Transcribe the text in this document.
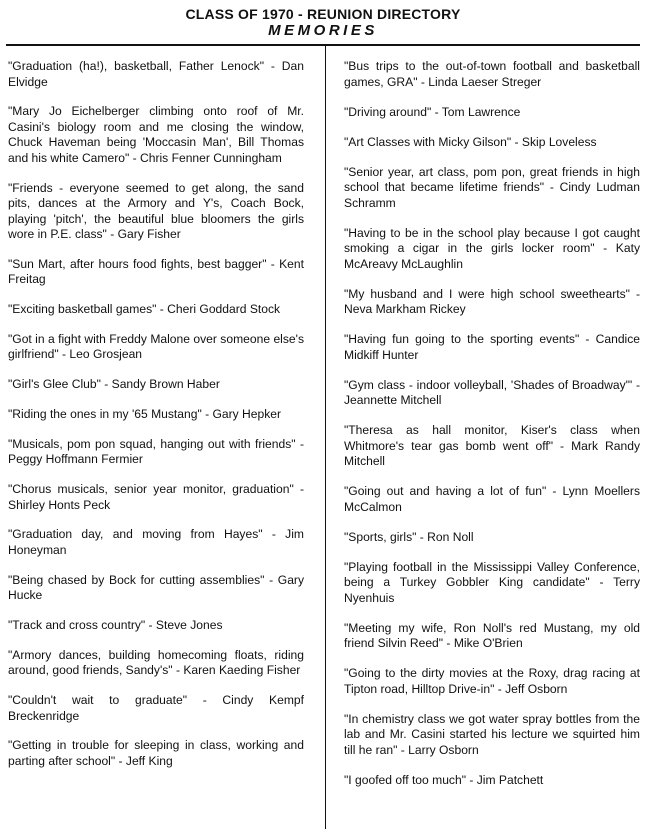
CLASS OF 1970 - REUNION DIRECTORY
MEMORIES

"Graduation (ha!), basketball, Father Lenock" - Dan Elvidge

"Mary Jo Eichelberger climbing onto roof of Mr. Casini's biology room and me closing the window, Chuck Haveman being 'Moccasin Man', Bill Thomas and his white Camero" - Chris Fenner Cunningham

"Friends - everyone seemed to get along, the sand pits, dances at the Armory and Y's, Coach Bock, playing 'pitch', the beautiful blue bloomers the girls wore in P.E. class" - Gary Fisher

"Sun Mart, after hours food fights, best bagger" - Kent Freitag

"Exciting basketball games" - Cheri Goddard Stock

"Got in a fight with Freddy Malone over someone else's girlfriend" - Leo Grosjean

"Girl's Glee Club" - Sandy Brown Haber

"Riding the ones in my '65 Mustang" - Gary Hepker

"Musicals, pom pon squad, hanging out with friends" - Peggy Hoffmann Fermier

"Chorus musicals, senior year monitor, graduation" - Shirley Honts Peck

"Graduation day, and moving from Hayes" - Jim Honeyman

"Being chased by Bock for cutting assemblies" - Gary Hucke

"Track and cross country" - Steve Jones

"Armory dances, building homecoming floats, riding around, good friends, Sandy's" - Karen Kaeding Fisher

"Couldn't wait to graduate" - Cindy Kempf Breckenridge

"Getting in trouble for sleeping in class, working and parting after school" - Jeff King

"Bus trips to the out-of-town football and basketball games, GRA" - Linda Laeser Streger

"Driving around" - Tom Lawrence

"Art Classes with Micky Gilson" - Skip Loveless

"Senior year, art class, pom pon, great friends in high school that became lifetime friends" - Cindy Ludman Schramm

"Having to be in the school play because I got caught smoking a cigar in the girls locker room" - Katy McAreavy McLaughlin

"My husband and I were high school sweethearts" - Neva Markham Rickey

"Having fun going to the sporting events" - Candice Midkiff Hunter

"Gym class - indoor volleyball, 'Shades of Broadway'" - Jeannette Mitchell

"Theresa as hall monitor, Kiser's class when Whitmore's tear gas bomb went off" - Mark Randy Mitchell

"Going out and having a lot of fun" - Lynn Moellers McCalmon

"Sports, girls" - Ron Noll

"Playing football in the Mississippi Valley Conference, being a Turkey Gobbler King candidate" - Terry Nyenhuis

"Meeting my wife, Ron Noll's red Mustang, my old friend Silvin Reed" - Mike O'Brien

"Going to the dirty movies at the Roxy, drag racing at Tipton road, Hilltop Drive-in" - Jeff Osborn

"In chemistry class we got water spray bottles from the lab and Mr. Casini started his lecture we squirted him till he ran" - Larry Osborn

"I goofed off too much" - Jim Patchett
